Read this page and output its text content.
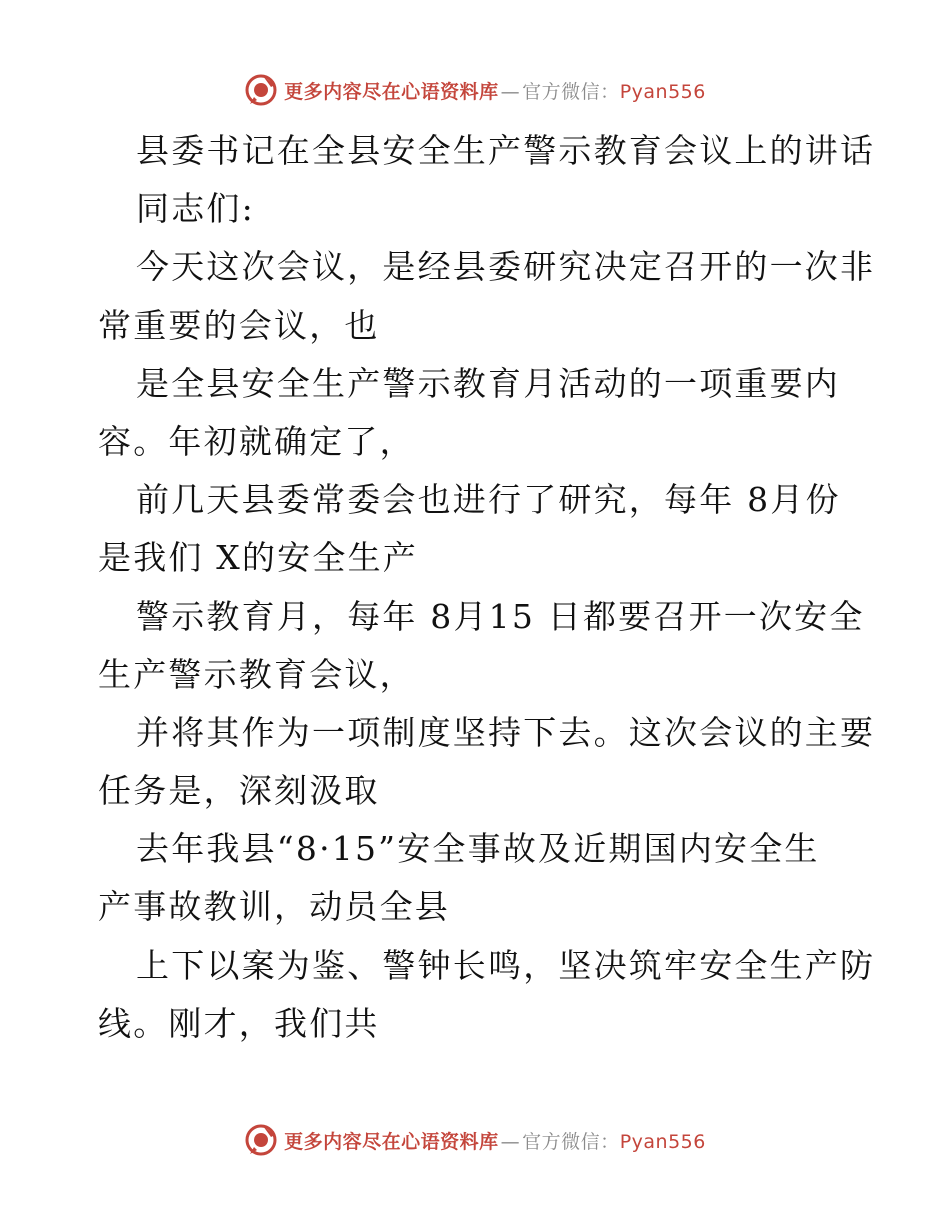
更多内容尽在心语资料库 — 官方微信：Pyan556
县委书记在全县安全生产警示教育会议上的讲话
同志们:
今天这次会议，是经县委研究决定召开的一次非
常重要的会议，也
是全县安全生产警示教育月活动的一项重要内
容。年初就确定了，
前几天县委常委会也进行了研究，每年 8月份
是我们 X的安全生产
警示教育月，每年 8月15 日都要召开一次安全
生产警示教育会议，
并将其作为一项制度坚持下去。这次会议的主要
任务是，深刻汲取
去年我县“8·15”安全事故及近期国内安全生
产事故教训，动员全县
上下以案为鉴、警钟长鸣，坚决筑牢安全生产防
线。刚才，我们共
更多内容尽在心语资料库 — 官方微信：Pyan556
